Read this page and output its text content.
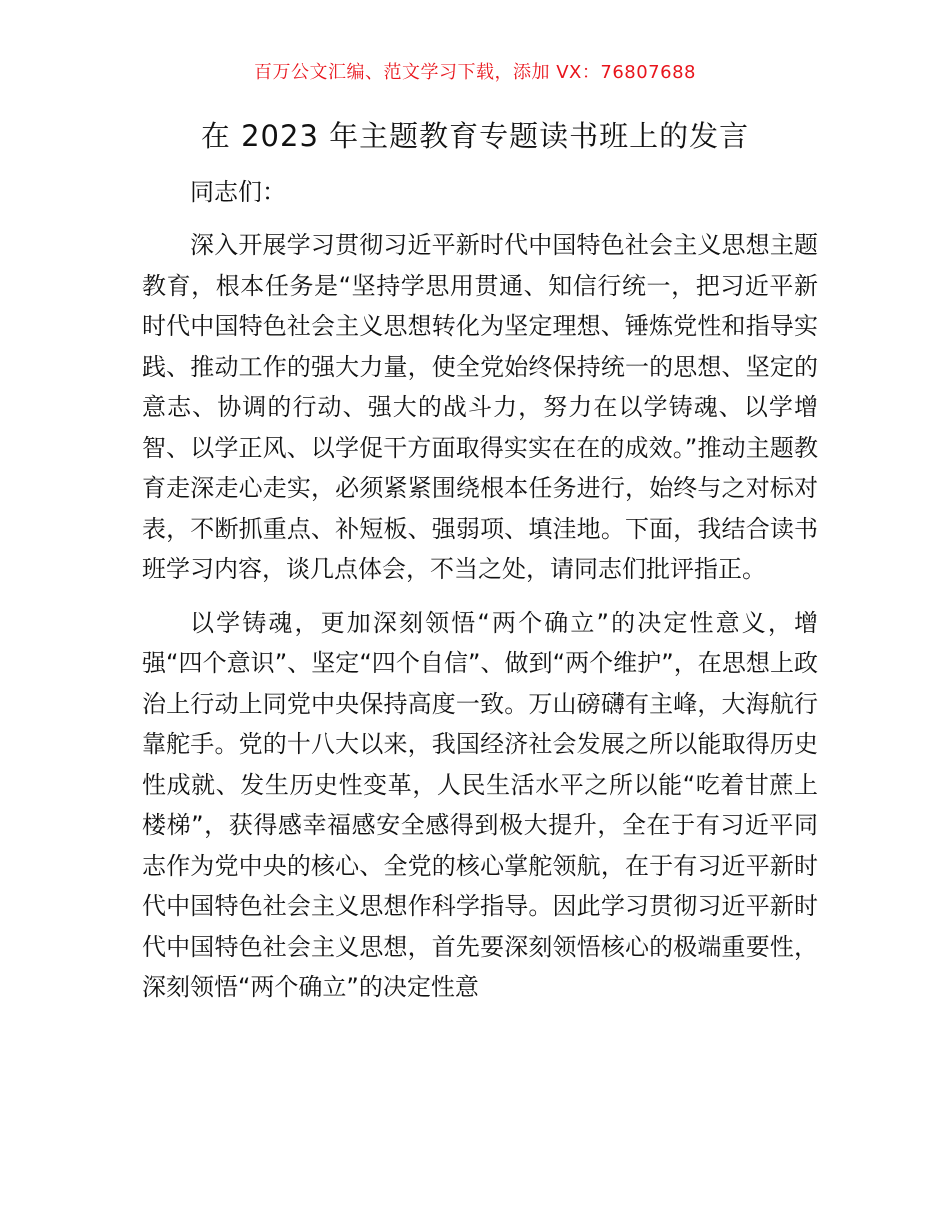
百万公文汇编、范文学习下载，添加 VX：76807688
在 2023 年主题教育专题读书班上的发言

同志们：

深入开展学习贯彻习近平新时代中国特色社会主义思想主题教育，根本任务是“坚持学思用贯通、知信行统一，把习近平新时代中国特色社会主义思想转化为坚定理想、锤炼党性和指导实践、推动工作的强大力量，使全党始终保持统一的思想、坚定的意志、协调的行动、强大的战斗力，努力在以学铸魂、以学增智、以学正风、以学促干方面取得实实在在的成效。”推动主题教育走深走心走实，必须紧紧围绕根本任务进行，始终与之对标对表，不断抓重点、补短板、强弱项、填洼地。下面，我结合读书班学习内容，谈几点体会，不当之处，请同志们批评指正。

以学铸魂，更加深刻领悟“两个确立”的决定性意义，增强“四个意识”、坚定“四个自信”、做到“两个维护”，在思想上政治上行动上同党中央保持高度一致。万山磅礴有主峰，大海航行靠舵手。党的十八大以来，我国经济社会发展之所以能取得历史性成就、发生历史性变革，人民生活水平之所以能“吃着甘蔗上楼梯”，获得感幸福感安全感得到极大提升，全在于有习近平同志作为党中央的核心、全党的核心掌舵领航，在于有习近平新时代中国特色社会主义思想作科学指导。因此学习贯彻习近平新时代中国特色社会主义思想，首先要深刻领悟核心的极端重要性，深刻领悟“两个确立”的决定性意
